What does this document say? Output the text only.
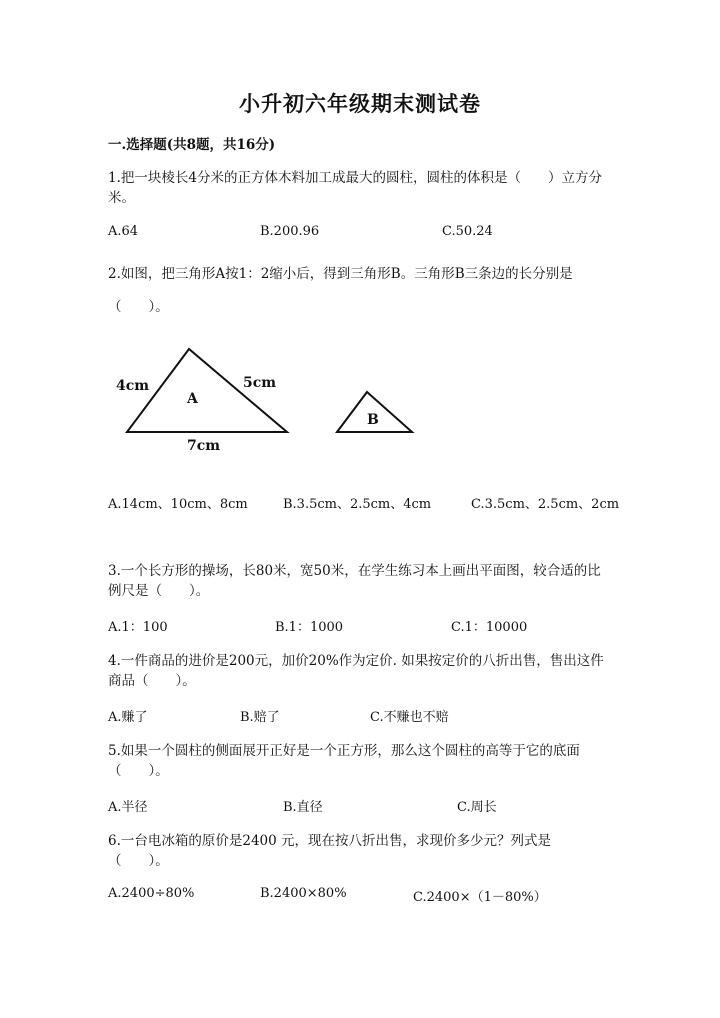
小升初六年级期末测试卷
一.选择题(共8题，共16分)
1.把一块棱长4分米的正方体木料加工成最大的圆柱，圆柱的体积是（　　）立方分米。
A.64	B.200.96	C.50.24
2.如图，把三角形A按1：2缩小后，得到三角形B。三角形B三条边的长分别是（　　）。
4cm	5cm
7cm
A
B
A.14cm、10cm、8cm	B.3.5cm、2.5cm、4cm	C.3.5cm、2.5cm、2cm
3.一个长方形的操场，长80米，宽50米，在学生练习本上画出平面图，较合适的比例尺是（　　）。
A.1：100	B.1：1000	C.1：10000
4.一件商品的进价是200元，加价20%作为定价. 如果按定价的八折出售，售出这件商品（　　）。
A.赚了	B.赔了	C.不赚也不赔
5.如果一个圆柱的侧面展开正好是一个正方形，那么这个圆柱的高等于它的底面（　　）。
A.半径	B.直径	C.周长
6.一台电冰箱的原价是2400 元，现在按八折出售，求现价多少元？列式是（　　）。
A.2400÷80%	B.2400×80%	C.2400×（1－80%）
